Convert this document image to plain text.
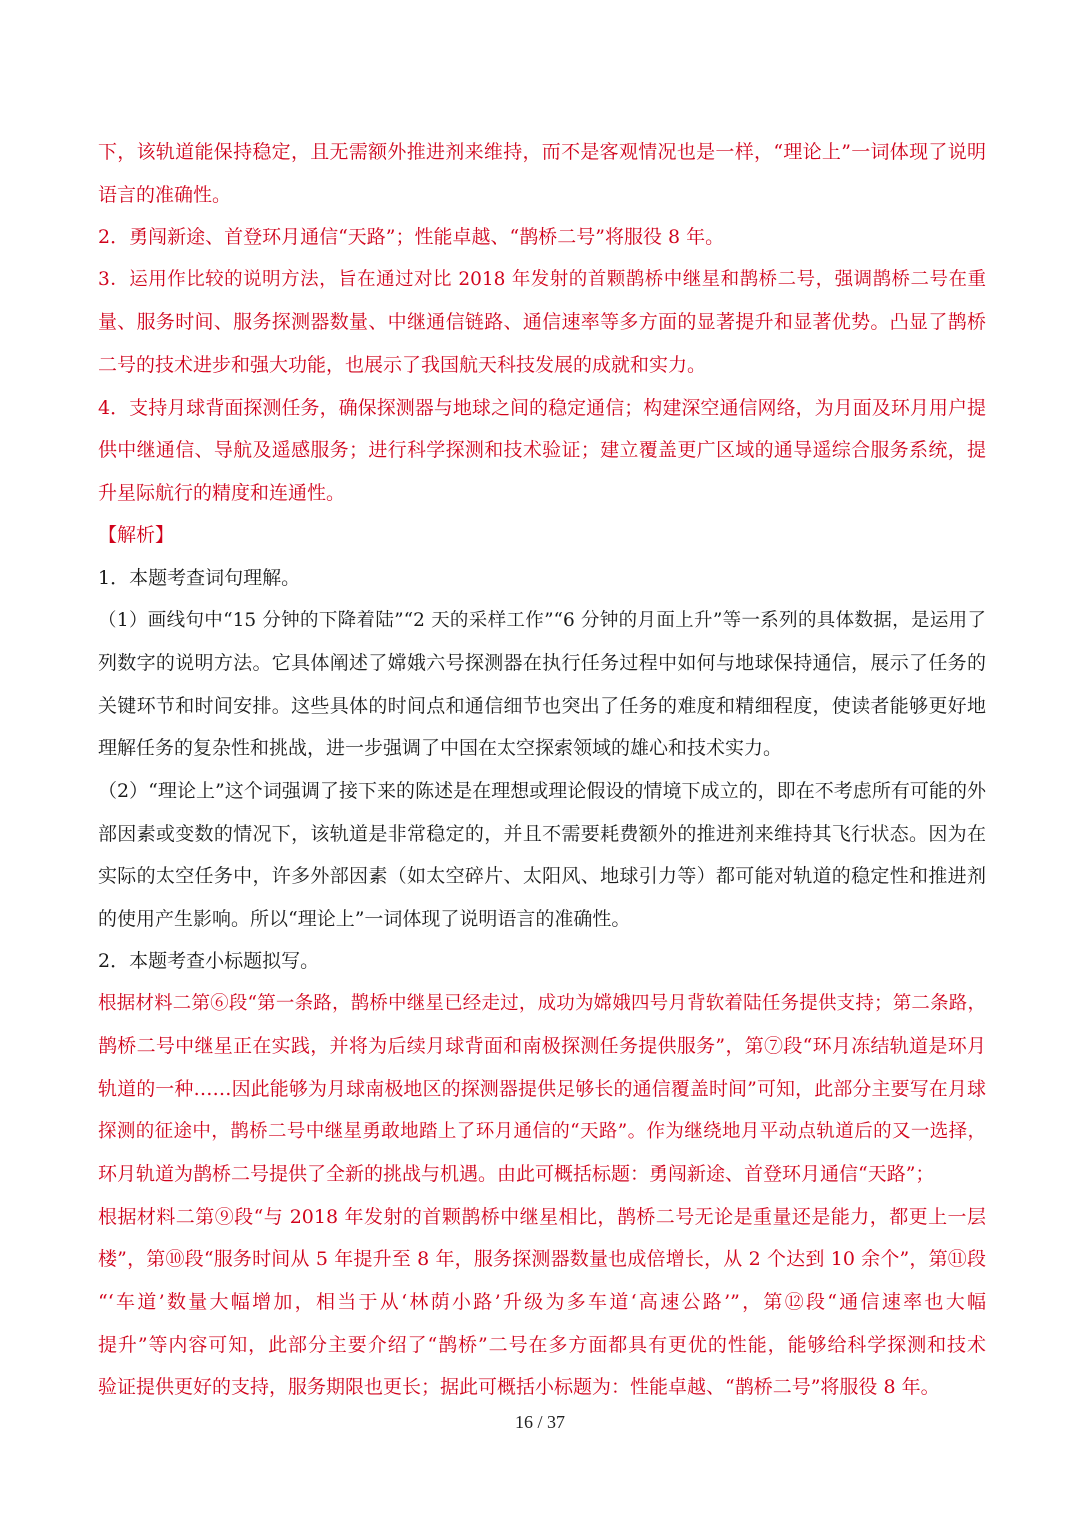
下，该轨道能保持稳定，且无需额外推进剂来维持，而不是客观情况也是一样，“理论上”一词体现了说明
语言的准确性。
2．勇闯新途、首登环月通信“天路”；性能卓越、“鹊桥二号”将服役 8 年。
3．运用作比较的说明方法，旨在通过对比 2018 年发射的首颗鹊桥中继星和鹊桥二号，强调鹊桥二号在重
量、服务时间、服务探测器数量、中继通信链路、通信速率等多方面的显著提升和显著优势。凸显了鹊桥
二号的技术进步和强大功能，也展示了我国航天科技发展的成就和实力。
4．支持月球背面探测任务，确保探测器与地球之间的稳定通信；构建深空通信网络，为月面及环月用户提
供中继通信、导航及遥感服务；进行科学探测和技术验证；建立覆盖更广区域的通导遥综合服务系统，提
升星际航行的精度和连通性。
【解析】
1．本题考查词句理解。
（1）画线句中“15 分钟的下降着陆”“2 天的采样工作”“6 分钟的月面上升”等一系列的具体数据，是运用了
列数字的说明方法。它具体阐述了嫦娥六号探测器在执行任务过程中如何与地球保持通信，展示了任务的
关键环节和时间安排。这些具体的时间点和通信细节也突出了任务的难度和精细程度，使读者能够更好地
理解任务的复杂性和挑战，进一步强调了中国在太空探索领域的雄心和技术实力。
（2）“理论上”这个词强调了接下来的陈述是在理想或理论假设的情境下成立的，即在不考虑所有可能的外
部因素或变数的情况下，该轨道是非常稳定的，并且不需要耗费额外的推进剂来维持其飞行状态。因为在
实际的太空任务中，许多外部因素（如太空碎片、太阳风、地球引力等）都可能对轨道的稳定性和推进剂
的使用产生影响。所以“理论上”一词体现了说明语言的准确性。
2．本题考查小标题拟写。
根据材料二第⑥段“第一条路，鹊桥中继星已经走过，成功为嫦娥四号月背软着陆任务提供支持；第二条路，
鹊桥二号中继星正在实践，并将为后续月球背面和南极探测任务提供服务”，第⑦段“环月冻结轨道是环月
轨道的一种……因此能够为月球南极地区的探测器提供足够长的通信覆盖时间”可知，此部分主要写在月球
探测的征途中，鹊桥二号中继星勇敢地踏上了环月通信的“天路”。作为继绕地月平动点轨道后的又一选择，
环月轨道为鹊桥二号提供了全新的挑战与机遇。由此可概括标题：勇闯新途、首登环月通信“天路”；
根据材料二第⑨段“与 2018 年发射的首颗鹊桥中继星相比，鹊桥二号无论是重量还是能力，都更上一层
楼”，第⑩段“服务时间从 5 年提升至 8 年，服务探测器数量也成倍增长，从 2 个达到 10 余个”，第⑪段
“‘车道’数量大幅增加，相当于从‘林荫小路’升级为多车道‘高速公路’”，第⑫段“通信速率也大幅
提升”等内容可知，此部分主要介绍了“鹊桥”二号在多方面都具有更优的性能，能够给科学探测和技术
验证提供更好的支持，服务期限也更长；据此可概括小标题为：性能卓越、“鹊桥二号”将服役 8 年。
16 / 37
